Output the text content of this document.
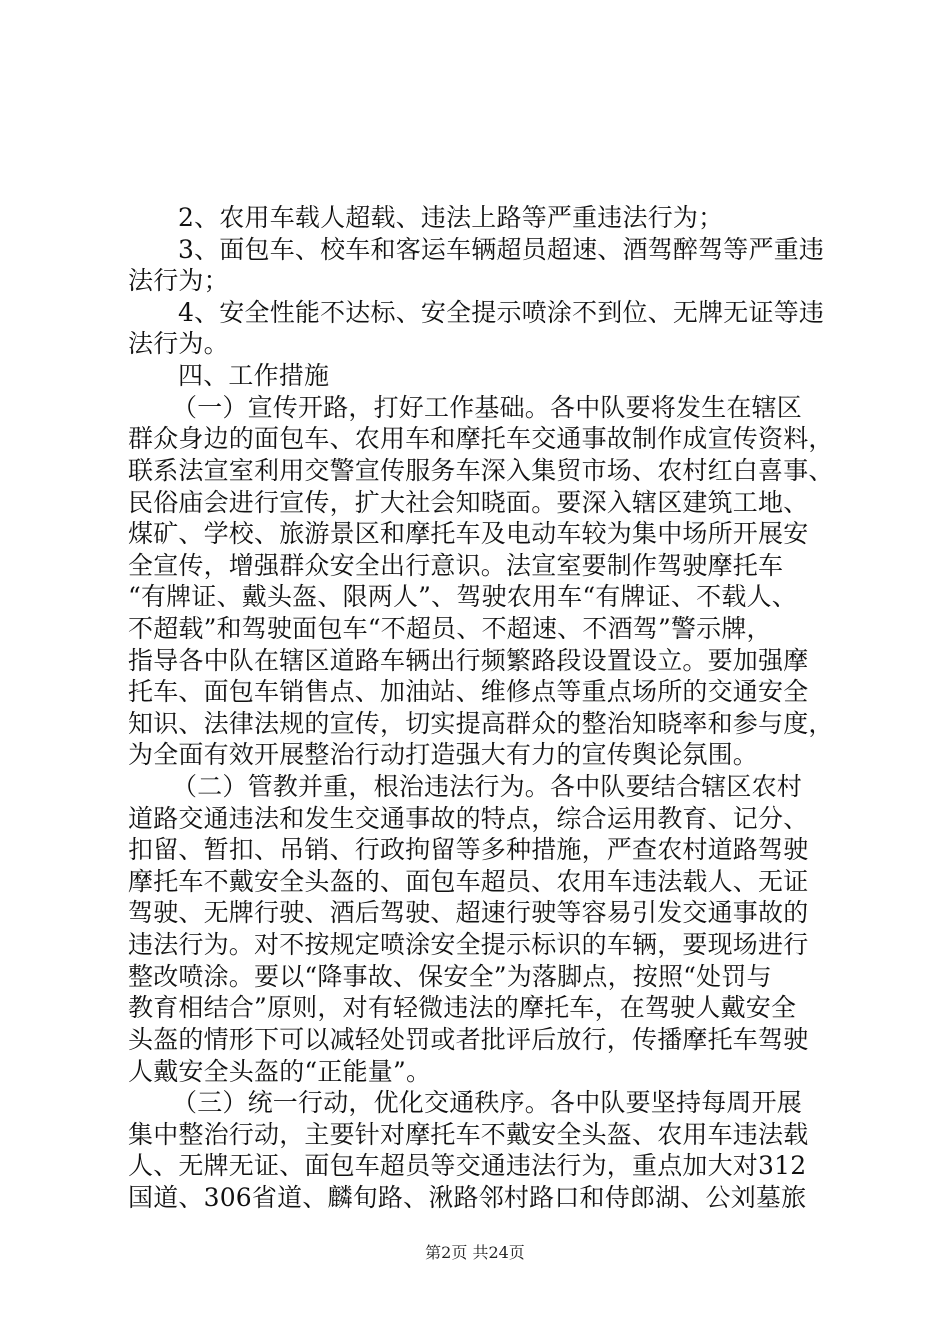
2、农用车载人超载、违法上路等严重违法行为；
3、面包车、校车和客运车辆超员超速、酒驾醉驾等严重违
法行为；
4、安全性能不达标、安全提示喷涂不到位、无牌无证等违
法行为。
四、工作措施
（一）宣传开路，打好工作基础。各中队要将发生在辖区
群众身边的面包车、农用车和摩托车交通事故制作成宣传资料，
联系法宣室利用交警宣传服务车深入集贸市场、农村红白喜事、
民俗庙会进行宣传，扩大社会知晓面。要深入辖区建筑工地、
煤矿、学校、旅游景区和摩托车及电动车较为集中场所开展安
全宣传，增强群众安全出行意识。法宣室要制作驾驶摩托车
“有牌证、戴头盔、限两人”、驾驶农用车“有牌证、不载人、
不超载”和驾驶面包车“不超员、不超速、不酒驾”警示牌，
指导各中队在辖区道路车辆出行频繁路段设置设立。要加强摩
托车、面包车销售点、加油站、维修点等重点场所的交通安全
知识、法律法规的宣传，切实提高群众的整治知晓率和参与度，
为全面有效开展整治行动打造强大有力的宣传舆论氛围。
（二）管教并重，根治违法行为。各中队要结合辖区农村
道路交通违法和发生交通事故的特点，综合运用教育、记分、
扣留、暂扣、吊销、行政拘留等多种措施，严查农村道路驾驶
摩托车不戴安全头盔的、面包车超员、农用车违法载人、无证
驾驶、无牌行驶、酒后驾驶、超速行驶等容易引发交通事故的
违法行为。对不按规定喷涂安全提示标识的车辆，要现场进行
整改喷涂。要以“降事故、保安全”为落脚点，按照“处罚与
教育相结合”原则，对有轻微违法的摩托车，在驾驶人戴安全
头盔的情形下可以减轻处罚或者批评后放行，传播摩托车驾驶
人戴安全头盔的“正能量”。
（三）统一行动，优化交通秩序。各中队要坚持每周开展
集中整治行动，主要针对摩托车不戴安全头盔、农用车违法载
人、无牌无证、面包车超员等交通违法行为，重点加大对312
国道、306省道、麟旬路、湫路邻村路口和侍郎湖、公刘墓旅
第2页 共24页
